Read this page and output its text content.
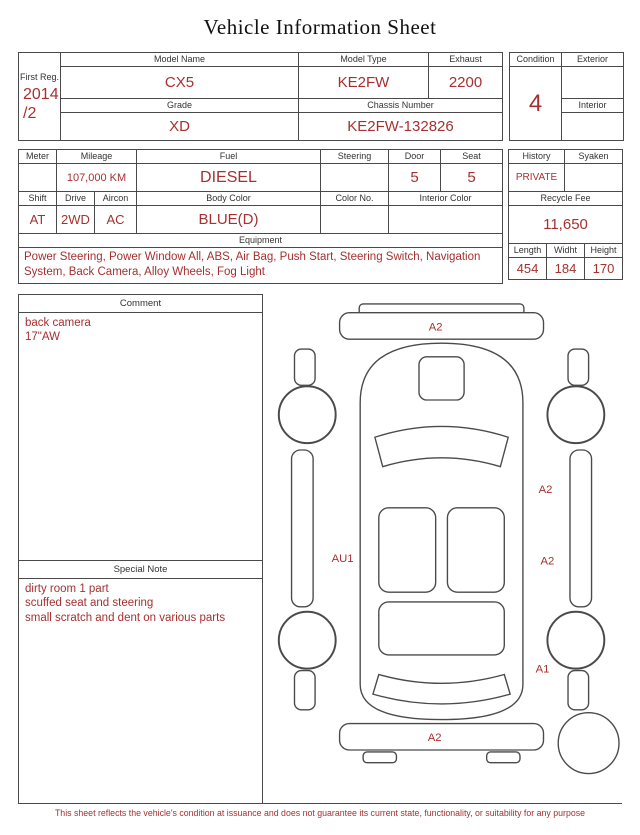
Vehicle Information Sheet
First Reg.
2014
/2	Model Name	Model Type	Exhaust
	CX5	KE2FW	2200
	Grade	Chassis Number	
	XD	KE2FW-132826	
Condition	Exterior
4	
	Interior

Meter	Mileage	Fuel	Steering	Door	Seat
	107,000 KM	DIESEL		5	5
Shift	Drive	Aircon	Body Color	Color No.	Interior Color
AT	2WD	AC	BLUE(D)		
Equipment
Power Steering, Power Window All, ABS, Air Bag, Push Start, Steering Switch, Navigation System, Back Camera, Alloy Wheels, Fog Light
History	Syaken
PRIVATE	
Recycle Fee
11,650
Length	Widht	Height
454	184	170
Comment
back camera
17"AW
Special Note
dirty room 1 part
scuffed seat and steering
small scratch and dent on various parts
A2
A2
AU1	A2
A1
A2
This sheet reflects the vehicle's condition at issuance and does not guarantee its current state, functionality, or suitability for any purpose
